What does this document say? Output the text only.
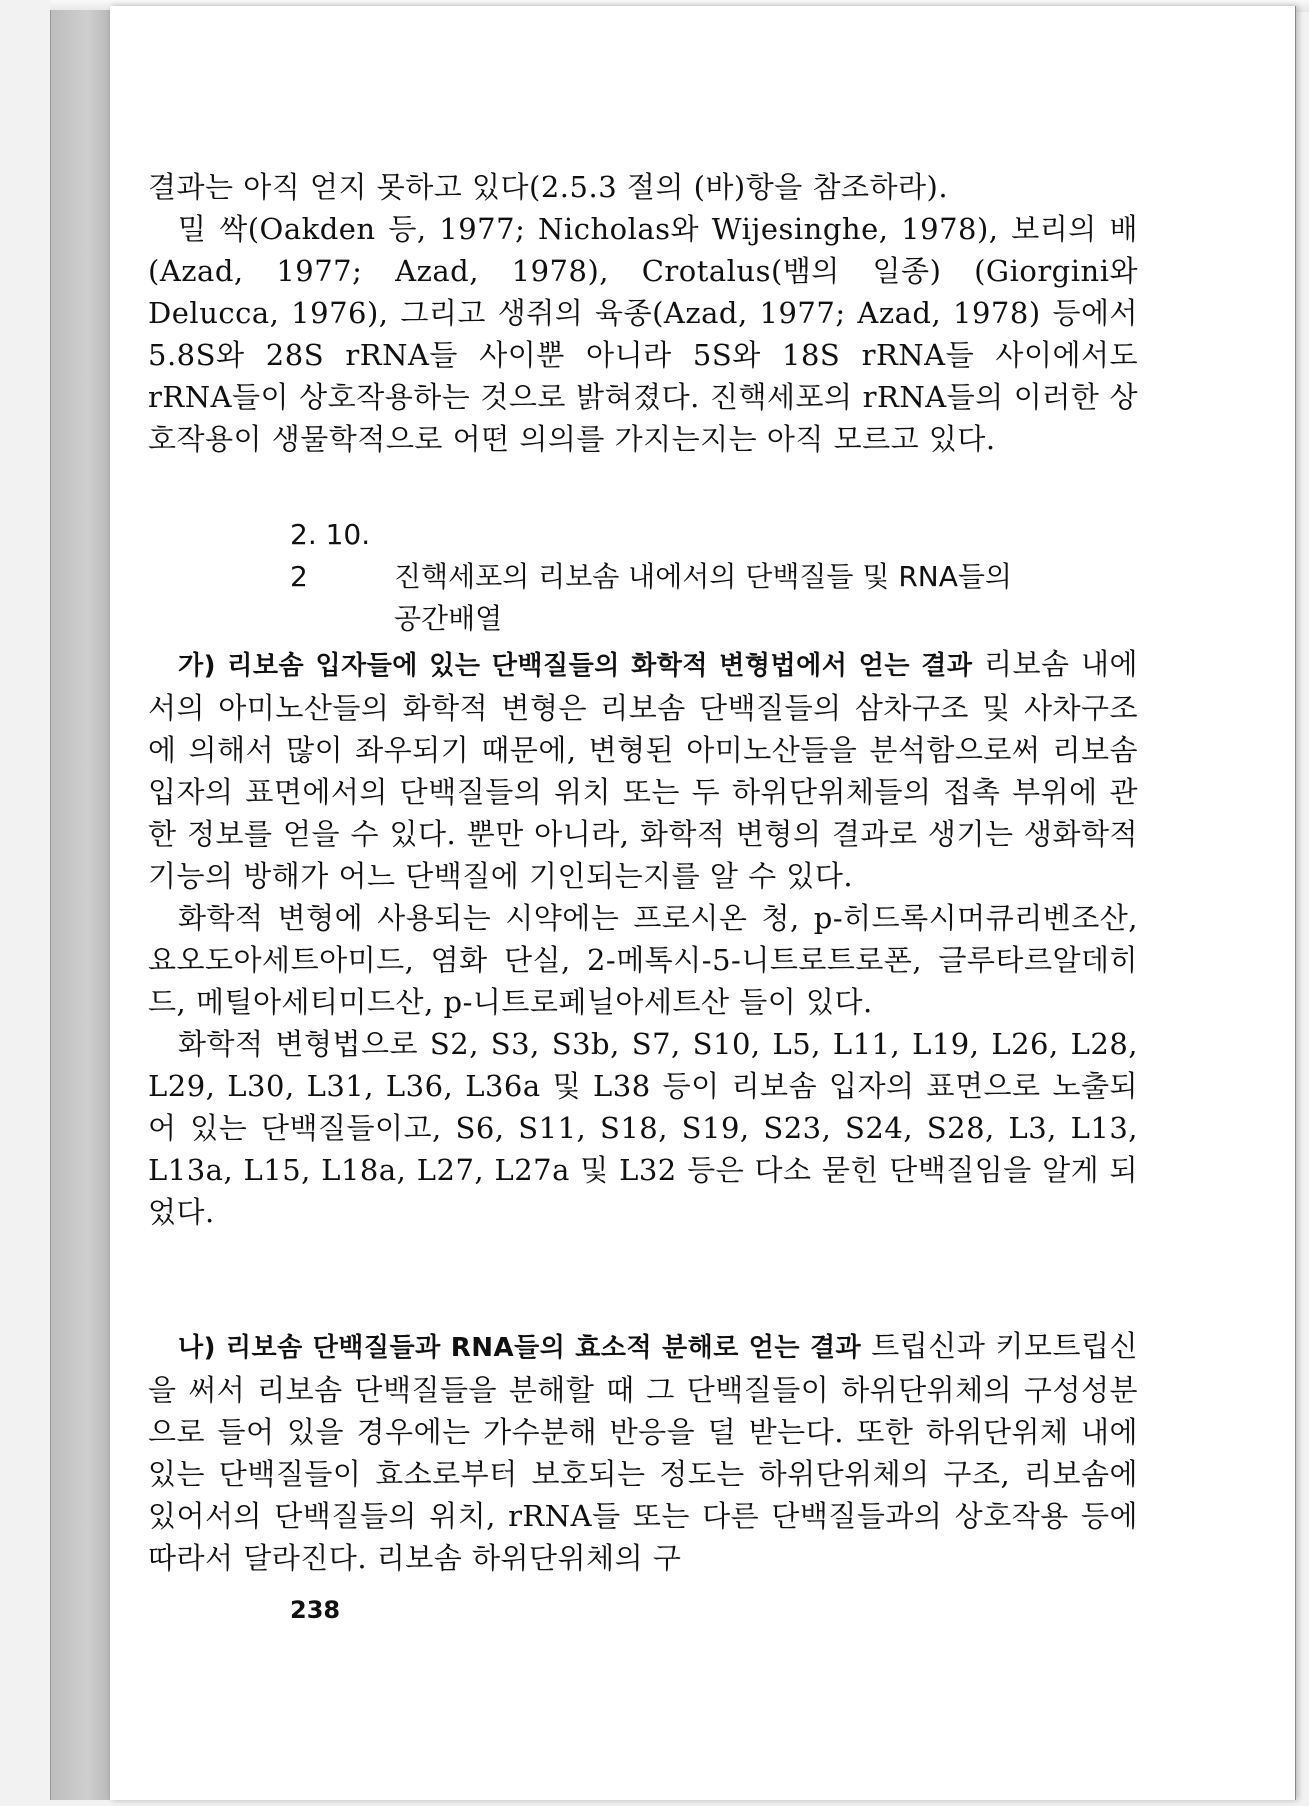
결과는 아직 얻지 못하고 있다(2.5.3 절의 (바)항을 참조하라).

밀 싹(Oakden 등, 1977; Nicholas와 Wijesinghe, 1978), 보리의 배(Azad, 1977; Azad, 1978), Crotalus(뱀의 일종) (Giorgini와 Delucca, 1976), 그리고 생쥐의 육종(Azad, 1977; Azad, 1978) 등에서 5.8S와 28S rRNA들 사이뿐 아니라 5S와 18S rRNA들 사이에서도 rRNA들이 상호작용하는 것으로 밝혀졌다. 진핵세포의 rRNA들의 이러한 상호작용이 생물학적으로 어떤 의의를 가지는지는 아직 모르고 있다.

2. 10. 2	진핵세포의 리보솜 내에서의 단백질들 및 RNA들의
공간배열

가) 리보솜 입자들에 있는 단백질들의 화학적 변형법에서 얻는 결과 리보솜 내에서의 아미노산들의 화학적 변형은 리보솜 단백질들의 삼차구조 및 사차구조에 의해서 많이 좌우되기 때문에, 변형된 아미노산들을 분석함으로써 리보솜 입자의 표면에서의 단백질들의 위치 또는 두 하위단위체들의 접촉 부위에 관한 정보를 얻을 수 있다. 뿐만 아니라, 화학적 변형의 결과로 생기는 생화학적 기능의 방해가 어느 단백질에 기인되는지를 알 수 있다.

화학적 변형에 사용되는 시약에는 프로시온 청, p-히드록시머큐리벤조산, 요오도아세트아미드, 염화 단실, 2-메톡시-5-니트로트로폰, 글루타르알데히드, 메틸아세티미드산, p-니트로페닐아세트산 들이 있다.

화학적 변형법으로 S2, S3, S3b, S7, S10, L5, L11, L19, L26, L28, L29, L30, L31, L36, L36a 및 L38 등이 리보솜 입자의 표면으로 노출되어 있는 단백질들이고, S6, S11, S18, S19, S23, S24, S28, L3, L13, L13a, L15, L18a, L27, L27a 및 L32 등은 다소 묻힌 단백질임을 알게 되었다.

나) 리보솜 단백질들과 RNA들의 효소적 분해로 얻는 결과 트립신과 키모트립신을 써서 리보솜 단백질들을 분해할 때 그 단백질들이 하위단위체의 구성성분으로 들어 있을 경우에는 가수분해 반응을 덜 받는다. 또한 하위단위체 내에 있는 단백질들이 효소로부터 보호되는 정도는 하위단위체의 구조, 리보솜에 있어서의 단백질들의 위치, rRNA들 또는 다른 단백질들과의 상호작용 등에 따라서 달라진다. 리보솜 하위단위체의 구

238
